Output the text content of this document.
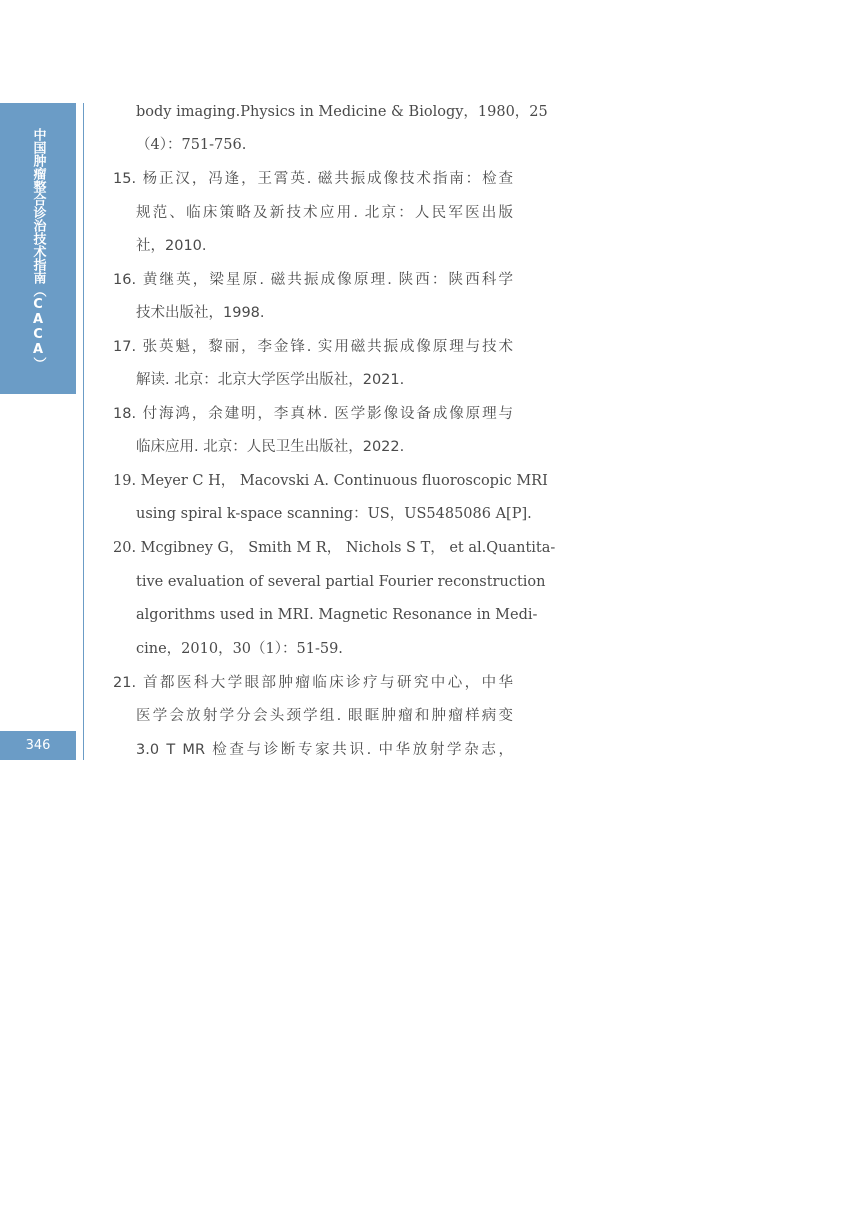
中国肿瘤整合诊治技术指南（CACA）
346
body imaging.Physics in Medicine & Biology，1980，25
（4）：751-756.
15. 杨正汉，冯逢，王霄英. 磁共振成像技术指南：检查
规范、临床策略及新技术应用. 北京：人民军医出版
社，2010.
16. 黄继英，梁星原. 磁共振成像原理. 陕西：陕西科学
技术出版社，1998.
17. 张英魁，黎丽，李金锋. 实用磁共振成像原理与技术
解读. 北京：北京大学医学出版社，2021.
18. 付海鸿，余建明，李真林. 医学影像设备成像原理与
临床应用. 北京：人民卫生出版社，2022.
19. Meyer C H， Macovski A. Continuous fluoroscopic MRI
using spiral k-space scanning：US，US5485086 A[P].
20. Mcgibney G， Smith M R， Nichols S T， et al.Quantita-
tive evaluation of several partial Fourier reconstruction
algorithms used in MRI. Magnetic Resonance in Medi-
cine，2010，30（1）：51-59.
21. 首都医科大学眼部肿瘤临床诊疗与研究中心，中华
医学会放射学分会头颈学组. 眼眶肿瘤和肿瘤样病变
3.0 T MR 检查与诊断专家共识. 中华放射学杂志，
